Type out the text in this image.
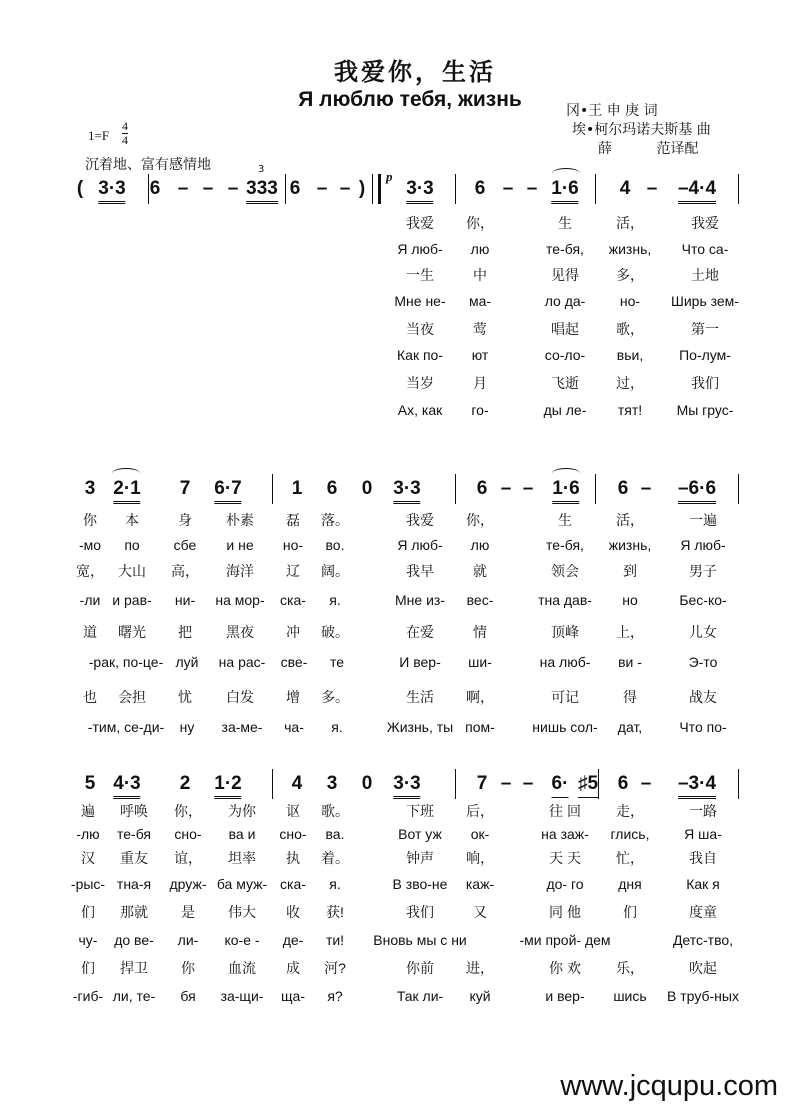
我爱你，生活
Я люблю тебя, жизнь	冈•王 申 庚 词
埃•柯尔玛诺夫斯基 曲
薛          范译配
1=F
4
4
沉着地、富有感情地
p
3
( 3·3 6 – – – 333 6 – – ) 3·3 6 – – 1·6 4 – –4·4
我爱 你，	生	活，	我爱
Я люб- лю	те-бя, жизнь, Что са-
一生	中	见得	多，	土地
Мне не- ма-	ло да- но- Ширь зем-
当夜	莺	唱起	歌，	第一
Как по- ют	со-ло- вьи,	По-лум-
当岁	月	飞逝	过，	我们
Ах, как го-	ды ле- тят! Мы грус-
3 2·1 7 6·7	1 6 0 3·3	6 – – 1·6 6 – –6·6
你 本	身 朴素 磊 落。	我爱 你，	生	活，	一遍
-мо по сбе и не но- во.	Я люб- лю	те-бя, жизнь, Я люб-
宽， 大山 高， 海洋 辽 阔。	我早	就	领会	到	男子
-ли и рав- ни- на мор- ска- я.	Мне из- вес-	тна дав- но	Бес-ко-
道 曙光 把 黑夜 冲 破。	在爱	情	顶峰	上，	儿女
-рак, по-це- луй на рас- све- те	И вер- ши-	на люб- ви -	Э-то
也 会担 忧 白发 增 多。	生活 啊，	可记	得	战友
-тим, се-ди- ну за-ме- ча- я.	Жизнь, ты пом-	нишь сол- дат,	Что по-
5 4·3 2 1·2	4 3 0 3·3	7 – – 6· ♯5 6 – –3·4
遍 呼唤 你， 为你 讴 歌。	下班 后，	往 回	走，	一路
-лю те-бя сно- ва и сно- ва.	Вот уж ок-	на заж- глись, Я ша-
汉 重友 谊， 坦率 执 着。	钟声 响，	天 天	忙，	我自
-рыс- тна-я друж- ба муж- ска- я.	В зво-не каж-	до- го дня	Как я
们 那就 是 伟大 收 获!	我们	又	同 他	们	度童
чу- до ве- ли- ко-е - де- ти! Вновь мы с ни	-ми прой- дем	Детс-тво,
们 捍卫 你 血流 成 河?	你前 进，	你 欢	乐，	吹起
-гиб- ли, те- бя за-щи- ща- я?	Так ли- куй	и вер- шись В труб-ных
www.jcqupu.com
